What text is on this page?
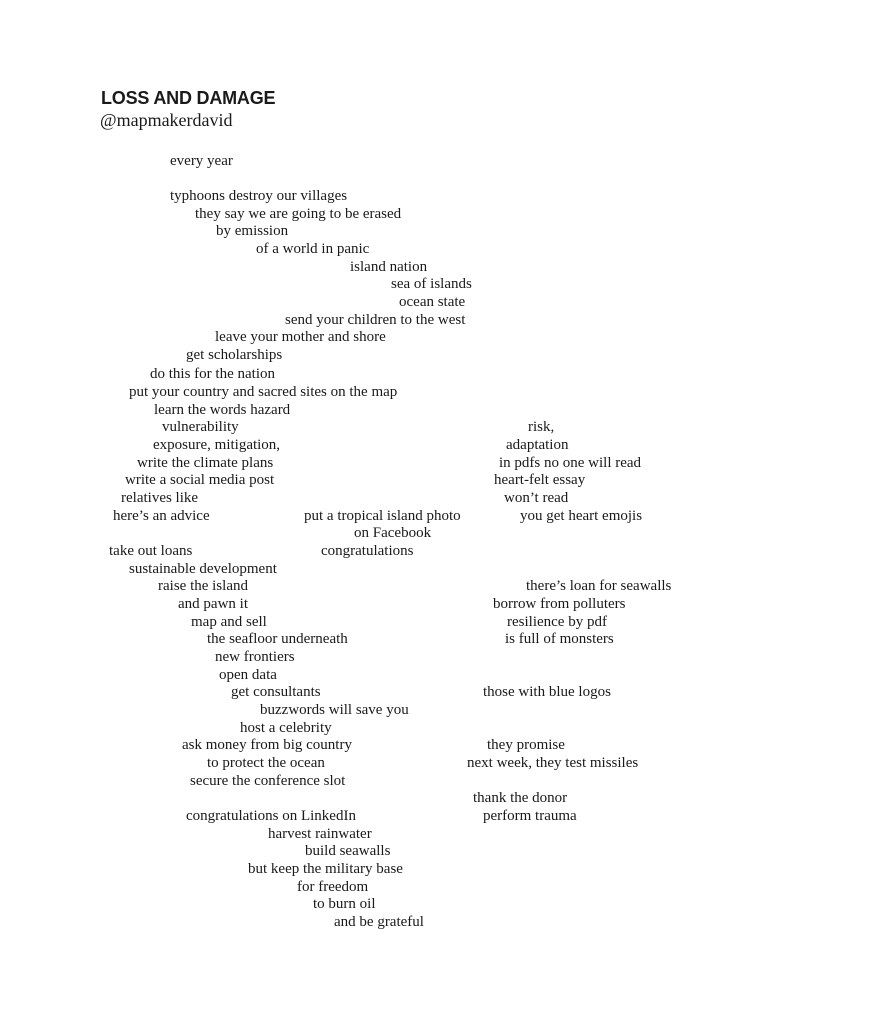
LOSS AND DAMAGE
@mapmakerdavid
every year
typhoons destroy our villages
they say we are going to be erased
by emission
of a world in panic
island nation
sea of islands
ocean state
send your children to the west
leave your mother and shore
get scholarships
do this for the nation
put your country and sacred sites on the map
learn the words hazard
vulnerability	risk,
exposure, mitigation,	adaptation
write the climate plans	in pdfs no one will read
write a social media post	heart-felt essay
relatives like	won’t read
here’s an advice	put a tropical island photo	you get heart emojis
on Facebook
take out loans	congratulations
sustainable development
raise the island	there’s loan for seawalls
and pawn it	borrow from polluters
map and sell	resilience by pdf
the seafloor underneath	is full of monsters
new frontiers
open data
get consultants	those with blue logos
buzzwords will save you
host a celebrity
ask money from big country	they promise
to protect the ocean	next week, they test missiles
secure the conference slot
thank the donor
congratulations on LinkedIn	perform trauma
harvest rainwater
build seawalls
but keep the military base
for freedom
to burn oil
and be grateful
